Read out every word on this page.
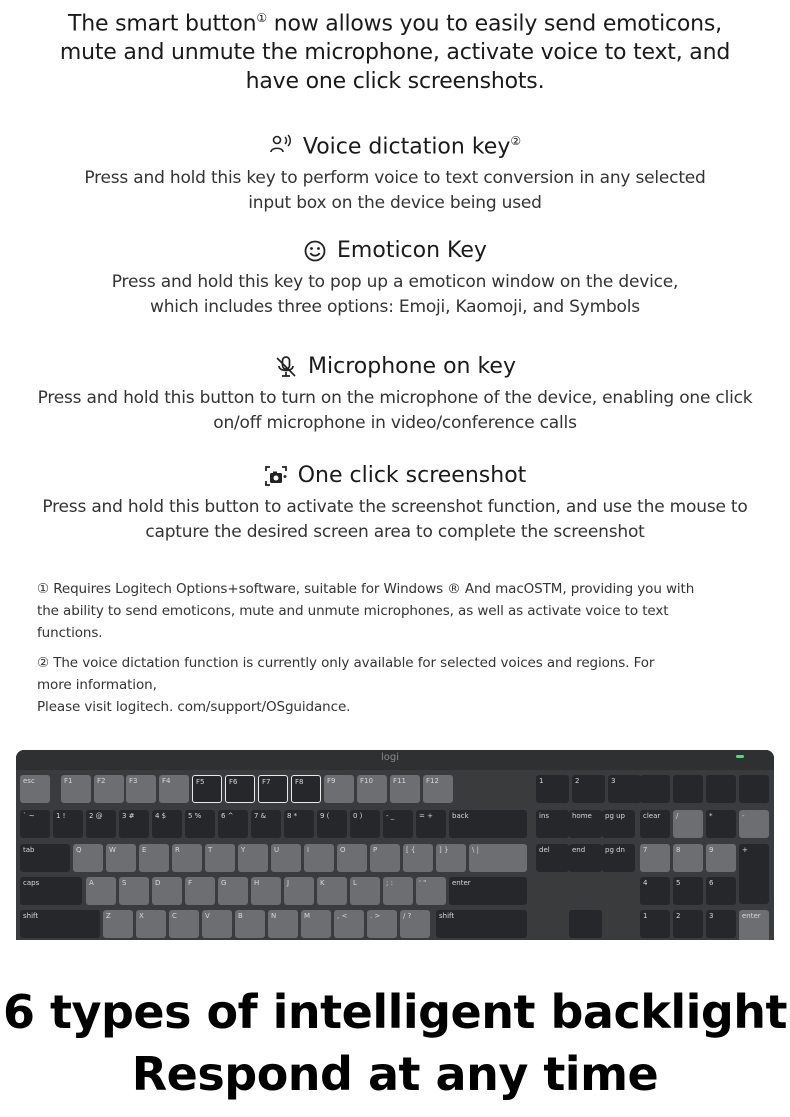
The smart button① now allows you to easily send emoticons,
mute and unmute the microphone, activate voice to text, and
have one click screenshots.
Voice dictation key②

Press and hold this key to perform voice to text conversion in any selected
input box on the device being used

Emoticon Key

Press and hold this key to pop up a emoticon window on the device,
which includes three options: Emoji, Kaomoji, and Symbols

Microphone on key

Press and hold this button to turn on the microphone of the device, enabling one click
on/off microphone in video/conference calls

One click screenshot

Press and hold this button to activate the screenshot function, and use the mouse to
capture the desired screen area to complete the screenshot

① Requires Logitech Options+software, suitable for Windows ® And macOSTM, providing you with
the ability to send emoticons, mute and unmute microphones, as well as activate voice to text
functions.

② The voice dictation function is currently only available for selected voices and regions. For
more information,
Please visit logitech. com/support/OSguidance.

logi
esc	F1	F2	F3	F4	F5	F6	F7	F8	F9	F10	F11	F12	1	2	3
` ~	1 !	2 @	3 #	4 $	5 %	6 ^	7 &	8 *	9 (	0 )	- _	= +	back	ins	home	pg up	clear	/	*	-
tab	Q	W	E	R	T	Y	U	I	O	P	[ {	] }	\ |	del	end	pg dn	7	8	9	+
caps	A	S	D	F	G	H	J	K	L	; :	' "	enter	4	5	6
shift	Z	X	C	V	B	N	M	, <	. >	/ ?	shift	1	2	3	enter
6 types of intelligent backlight
Respond at any time
